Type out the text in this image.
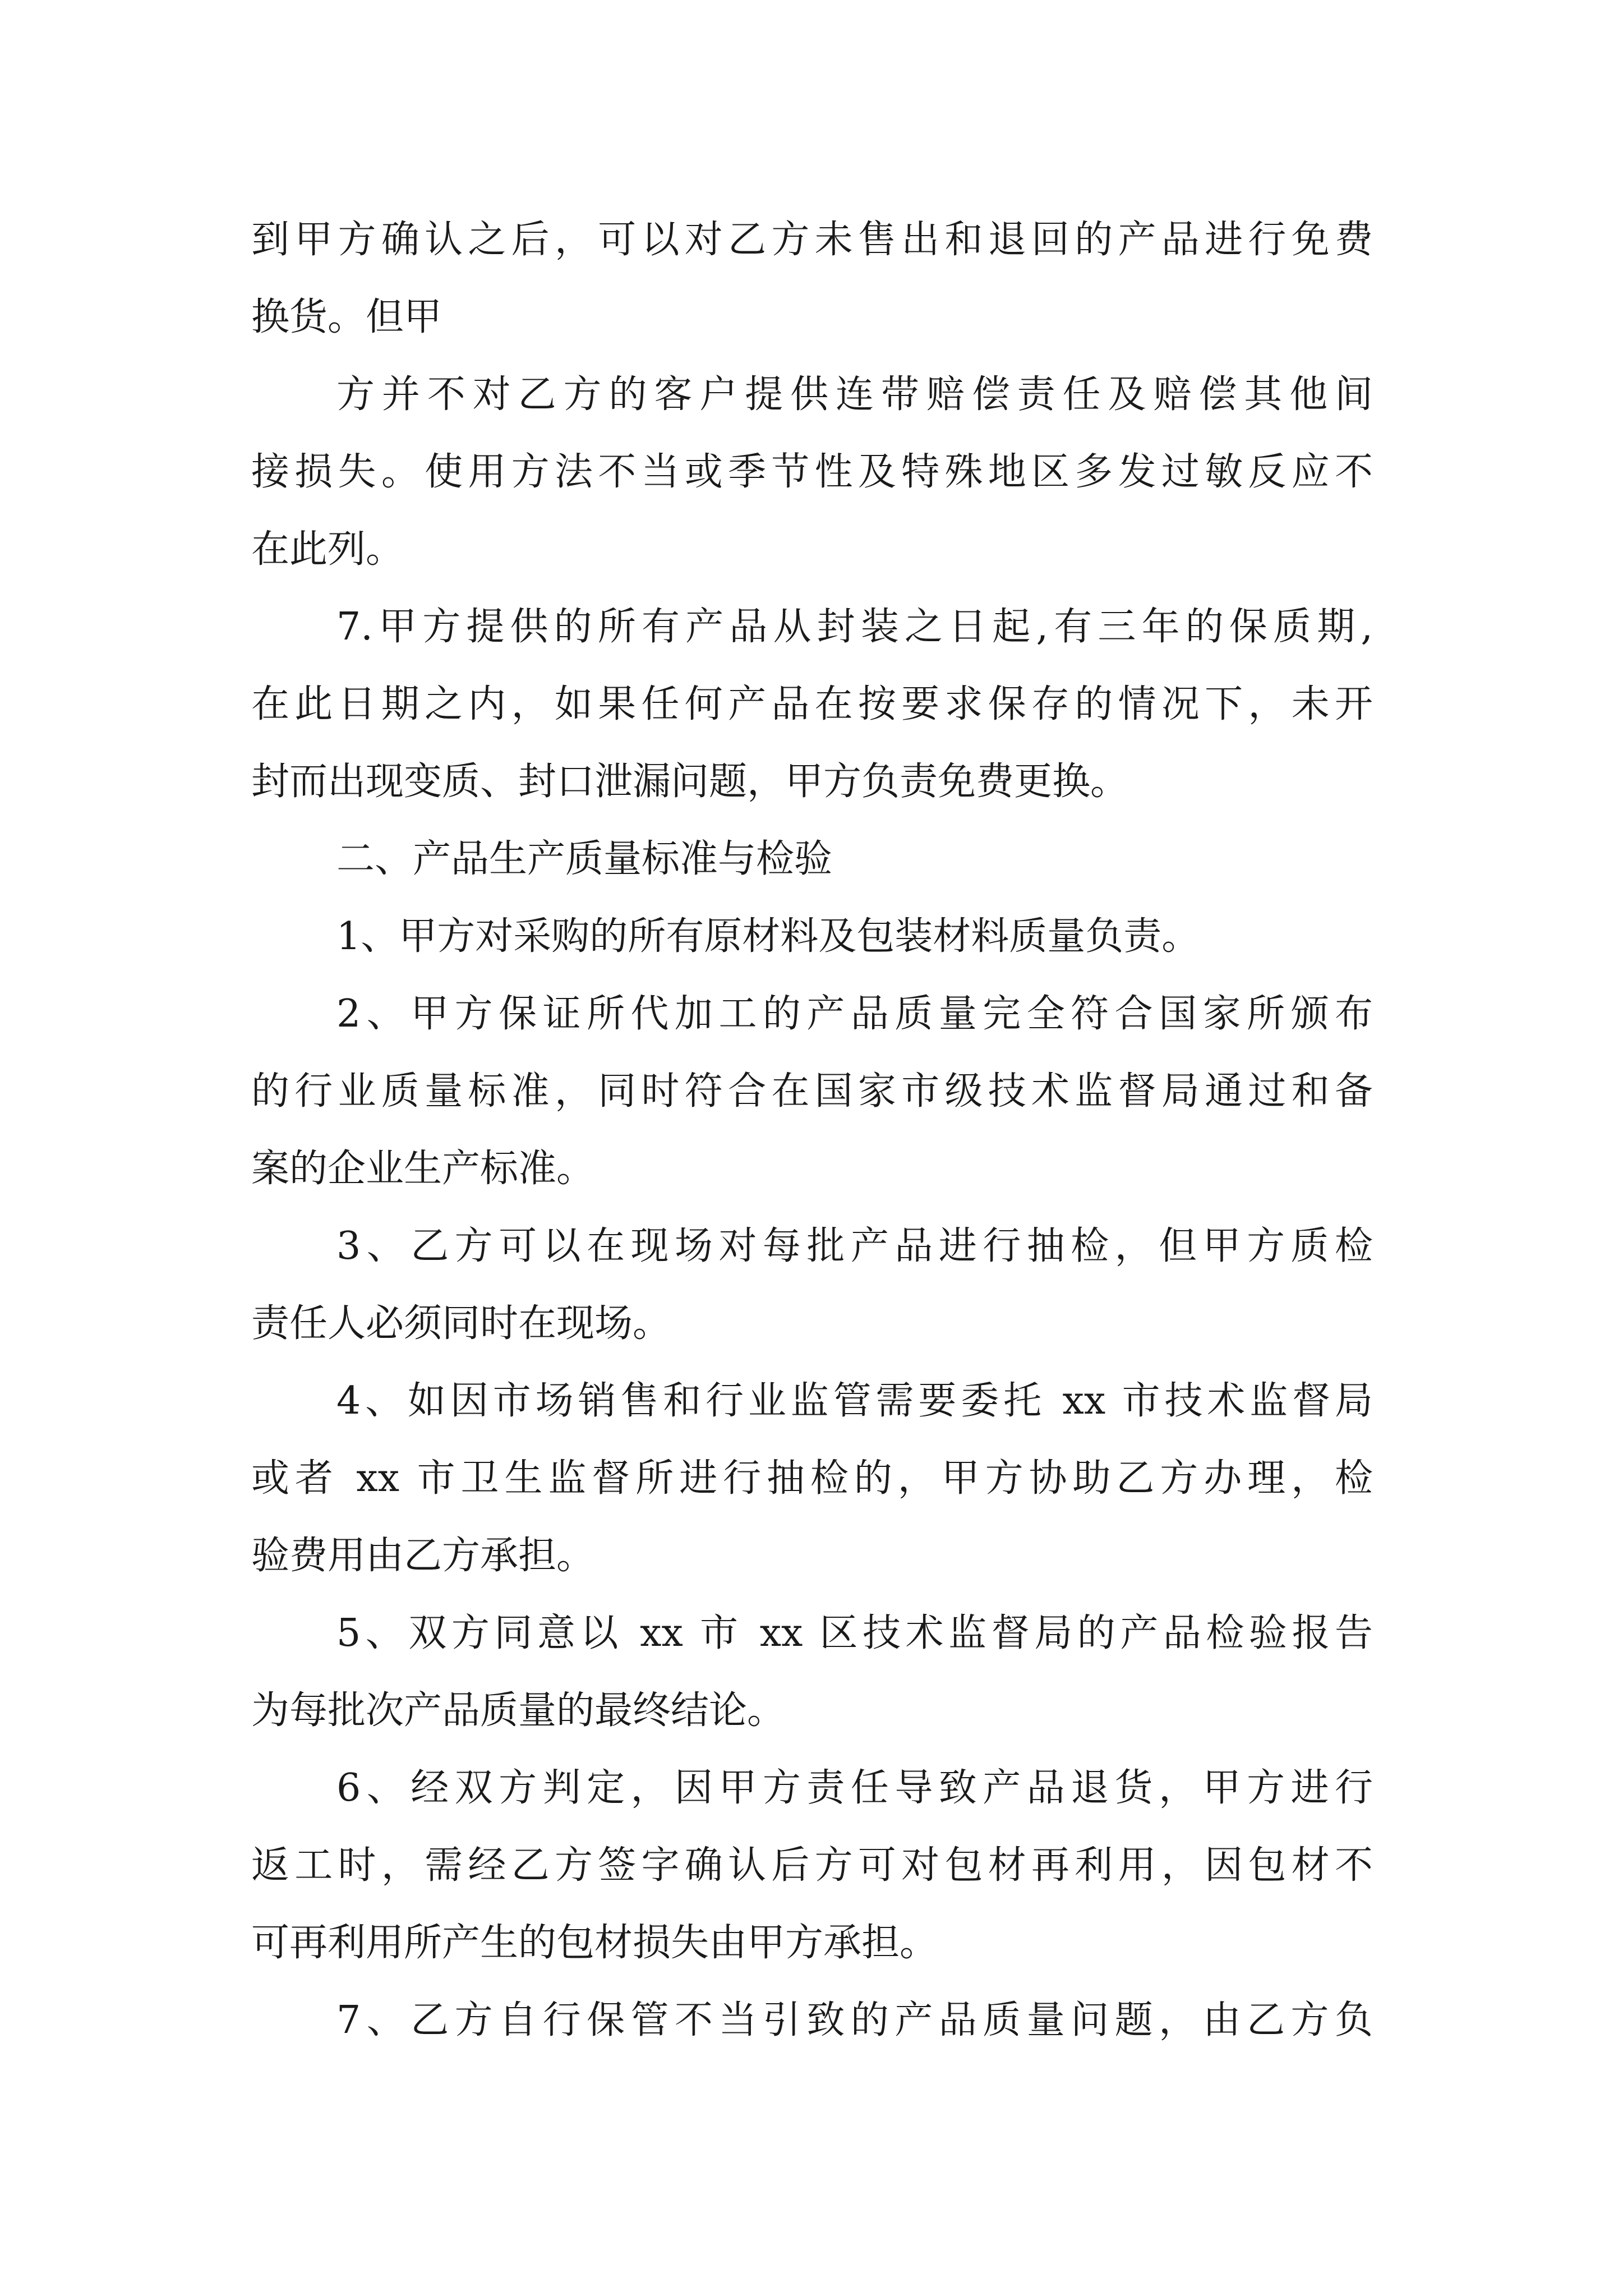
到甲方确认之后，可以对乙方未售出和退回的产品进行免费
换货。但甲
方并不对乙方的客户提供连带赔偿责任及赔偿其他间
接损失。使用方法不当或季节性及特殊地区多发过敏反应不
在此列。
7.甲方提供的所有产品从封装之日起,有三年的保质期,
在此日期之内，如果任何产品在按要求保存的情况下，未开
封而出现变质、封口泄漏问题，甲方负责免费更换。
二、产品生产质量标准与检验
1、甲方对采购的所有原材料及包装材料质量负责。
2、甲方保证所代加工的产品质量完全符合国家所颁布
的行业质量标准，同时符合在国家市级技术监督局通过和备
案的企业生产标准。
3、乙方可以在现场对每批产品进行抽检，但甲方质检
责任人必须同时在现场。
4、如因市场销售和行业监管需要委托 xx 市技术监督局
或者 xx 市卫生监督所进行抽检的，甲方协助乙方办理，检
验费用由乙方承担。
5、双方同意以 xx 市 xx 区技术监督局的产品检验报告
为每批次产品质量的最终结论。
6、经双方判定，因甲方责任导致产品退货，甲方进行
返工时，需经乙方签字确认后方可对包材再利用，因包材不
可再利用所产生的包材损失由甲方承担。
7、乙方自行保管不当引致的产品质量问题，由乙方负
